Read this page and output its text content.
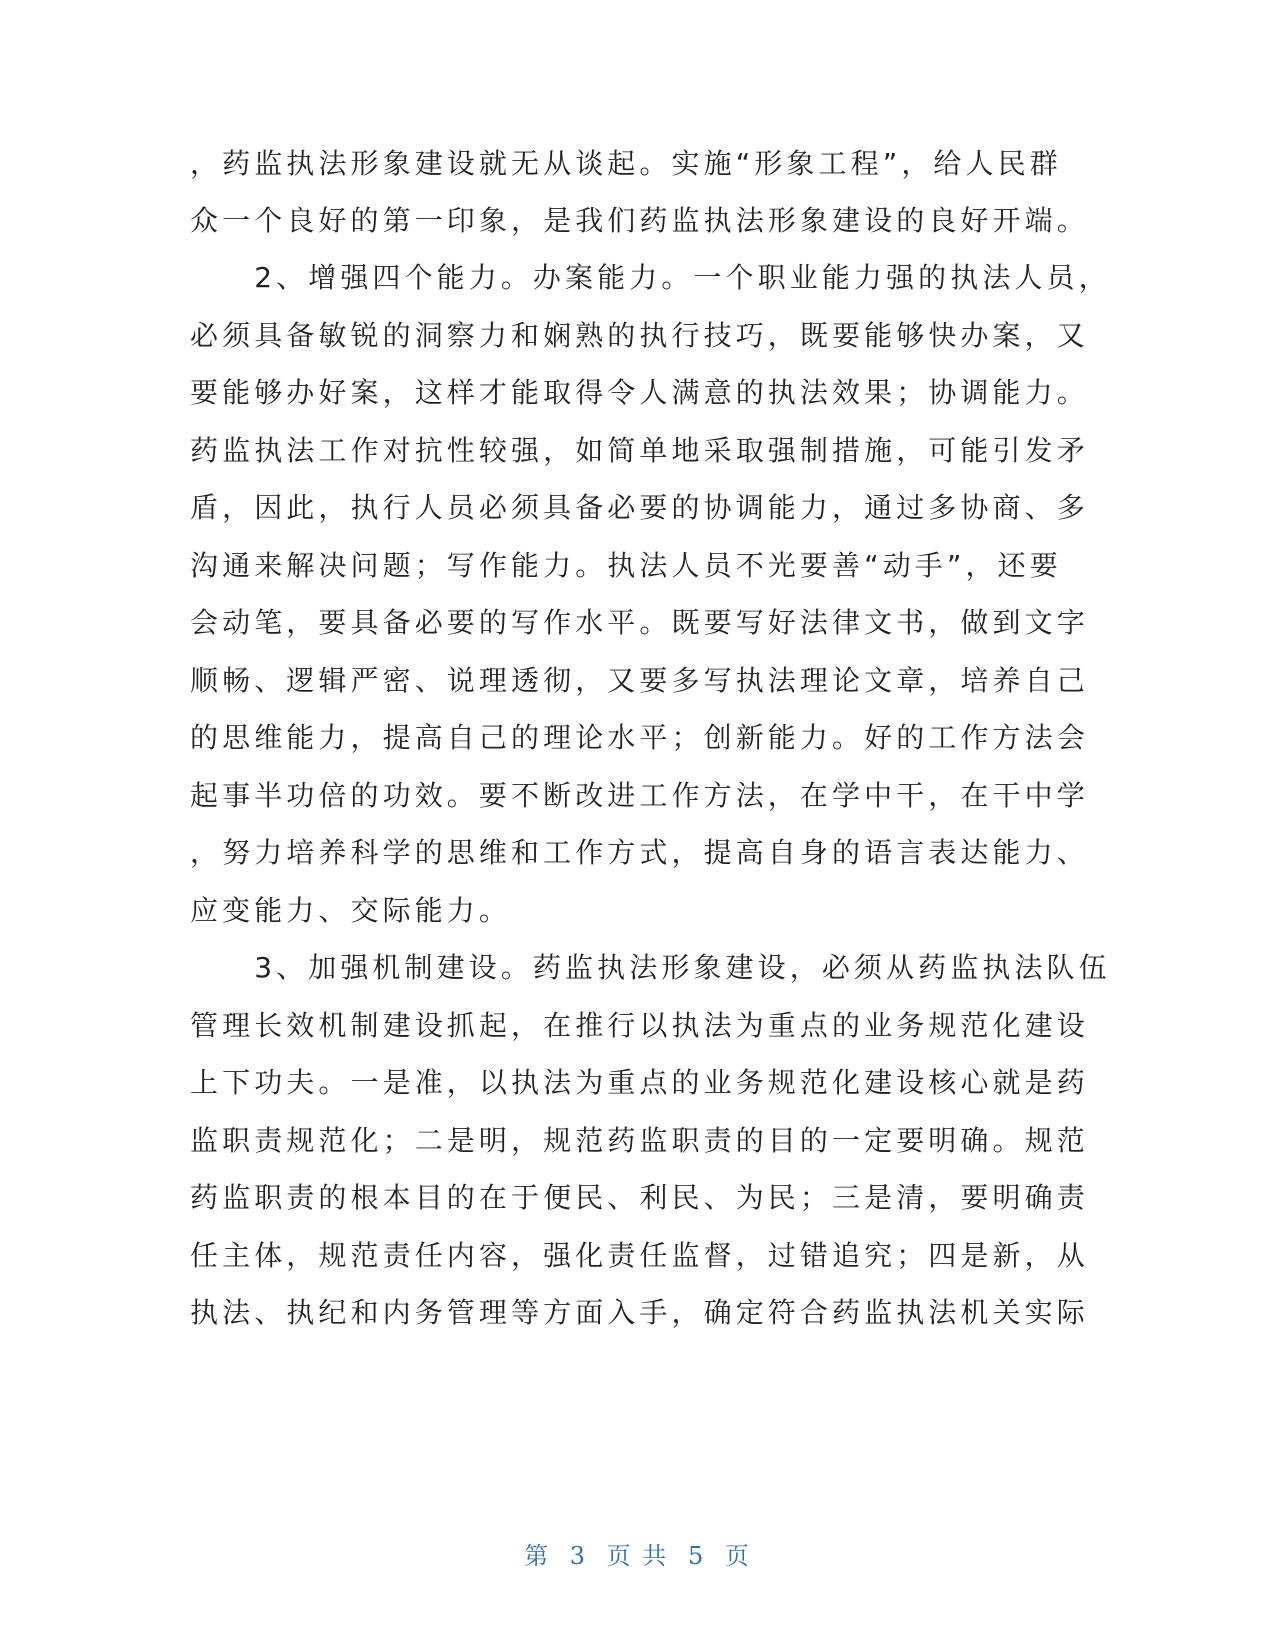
，药监执法形象建设就无从谈起。实施“形象工程”，给人民群
众一个良好的第一印象，是我们药监执法形象建设的良好开端。
　　2、增强四个能力。办案能力。一个职业能力强的执法人员，
必须具备敏锐的洞察力和娴熟的执行技巧，既要能够快办案，又
要能够办好案，这样才能取得令人满意的执法效果；协调能力。
药监执法工作对抗性较强，如简单地采取强制措施，可能引发矛
盾，因此，执行人员必须具备必要的协调能力，通过多协商、多
沟通来解决问题；写作能力。执法人员不光要善“动手”，还要
会动笔，要具备必要的写作水平。既要写好法律文书，做到文字
顺畅、逻辑严密、说理透彻，又要多写执法理论文章，培养自己
的思维能力，提高自己的理论水平；创新能力。好的工作方法会
起事半功倍的功效。要不断改进工作方法，在学中干，在干中学
，努力培养科学的思维和工作方式，提高自身的语言表达能力、
应变能力、交际能力。
　　3、加强机制建设。药监执法形象建设，必须从药监执法队伍
管理长效机制建设抓起，在推行以执法为重点的业务规范化建设
上下功夫。一是准，以执法为重点的业务规范化建设核心就是药
监职责规范化；二是明，规范药监职责的目的一定要明确。规范
药监职责的根本目的在于便民、利民、为民；三是清，要明确责
任主体，规范责任内容，强化责任监督，过错追究；四是新，从
执法、执纪和内务管理等方面入手，确定符合药监执法机关实际
第 3 页 共 5 页
